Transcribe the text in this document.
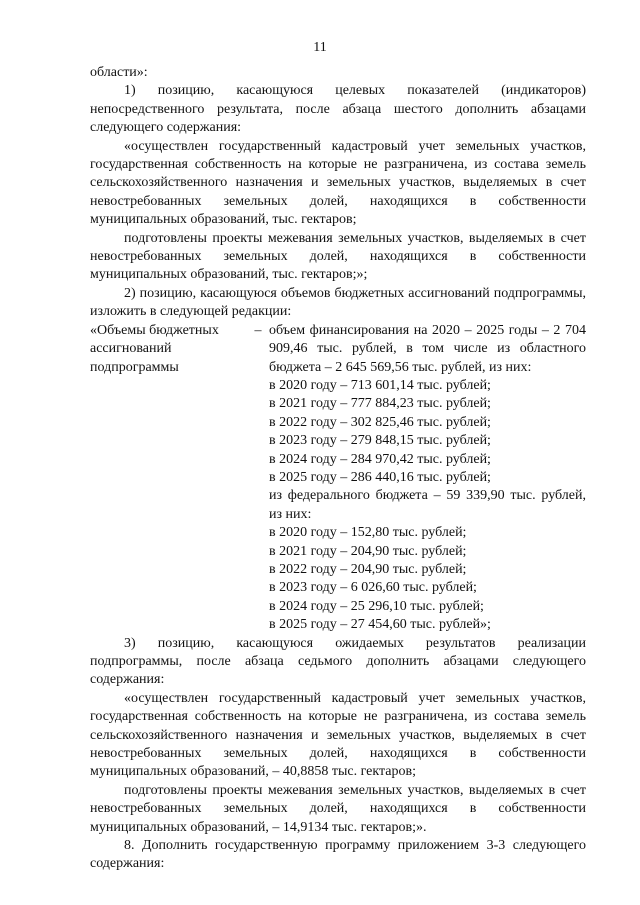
11

области»:

1) позицию, касающуюся целевых показателей (индикаторов) непосредственного результата, после абзаца шестого дополнить абзацами следующего содержания:

«осуществлен государственный кадастровый учет земельных участков, государственная собственность на которые не разграничена, из состава земель сельскохозяйственного назначения и земельных участков, выделяемых в счет невостребованных земельных долей, находящихся в собственности муниципальных образований, тыс. гектаров;

подготовлены проекты межевания земельных участков, выделяемых в счет невостребованных земельных долей, находящихся в собственности муниципальных образований, тыс. гектаров;»;

2) позицию, касающуюся объемов бюджетных ассигнований подпрограммы, изложить в следующей редакции:

«Объемы бюджетных ассигнований подпрограммы
– объем финансирования на 2020 – 2025 годы – 2 704 909,46 тыс. рублей, в том числе из областного бюджета – 2 645 569,56 тыс. рублей, из них:

в 2020 году – 713 601,14 тыс. рублей;
в 2021 году – 777 884,23 тыс. рублей;
в 2022 году – 302 825,46 тыс. рублей;
в 2023 году – 279 848,15 тыс. рублей;
в 2024 году – 284 970,42 тыс. рублей;
в 2025 году – 286 440,16 тыс. рублей;

из федерального бюджета – 59 339,90 тыс. рублей, из них:

в 2020 году – 152,80 тыс. рублей;
в 2021 году – 204,90 тыс. рублей;
в 2022 году – 204,90 тыс. рублей;
в 2023 году – 6 026,60 тыс. рублей;
в 2024 году – 25 296,10 тыс. рублей;
в 2025 году – 27 454,60 тыс. рублей»;

3) позицию, касающуюся ожидаемых результатов реализации подпрограммы, после абзаца седьмого дополнить абзацами следующего содержания:

«осуществлен государственный кадастровый учет земельных участков, государственная собственность на которые не разграничена, из состава земель сельскохозяйственного назначения и земельных участков, выделяемых в счет невостребованных земельных долей, находящихся в собственности муниципальных образований, – 40,8858 тыс. гектаров;

подготовлены проекты межевания земельных участков, выделяемых в счет невостребованных земельных долей, находящихся в собственности муниципальных образований, – 14,9134 тыс. гектаров;».

8. Дополнить государственную программу приложением 3-3 следующего содержания:
